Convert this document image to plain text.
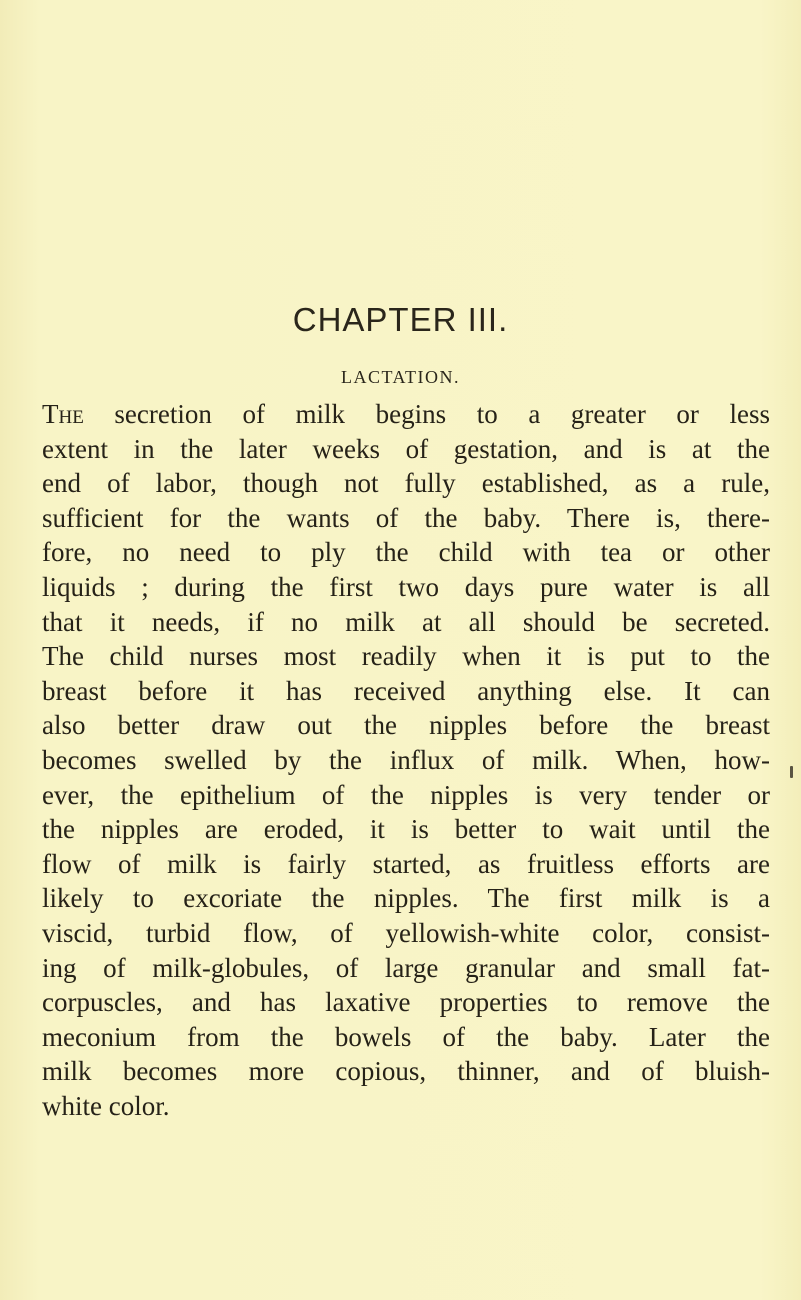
CHAPTER III.
LACTATION.

The secretion of milk begins to a greater or less
extent in the later weeks of gestation, and is at the
end of labor, though not fully established, as a rule,
sufficient for the wants of the baby. There is, there-
fore, no need to ply the child with tea or other
liquids ; during the first two days pure water is all
that it needs, if no milk at all should be secreted.
The child nurses most readily when it is put to the
breast before it has received anything else. It can
also better draw out the nipples before the breast
becomes swelled by the influx of milk. When, how-
ever, the epithelium of the nipples is very tender or
the nipples are eroded, it is better to wait until the
flow of milk is fairly started, as fruitless efforts are
likely to excoriate the nipples. The first milk is a
viscid, turbid flow, of yellowish-white color, consist-
ing of milk-globules, of large granular and small fat-
corpuscles, and has laxative properties to remove the
meconium from the bowels of the baby. Later the
milk becomes more copious, thinner, and of bluish-
white color.
